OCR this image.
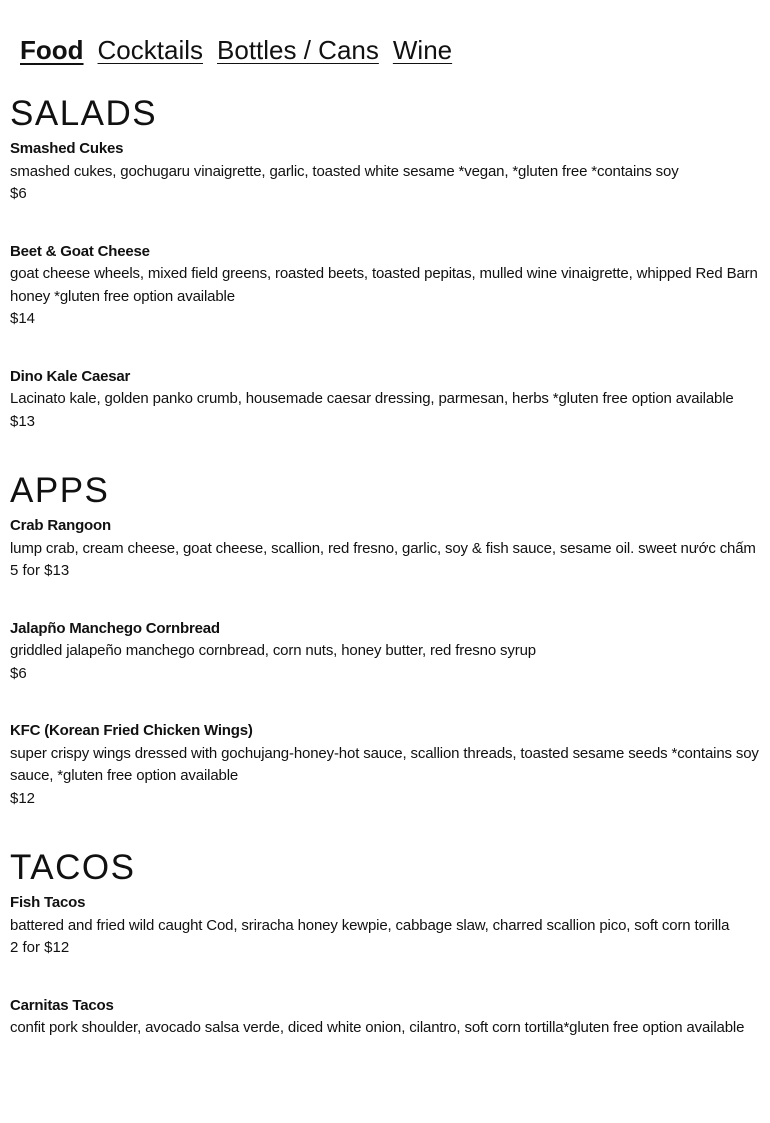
Food Cocktails Bottles / Cans Wine
SALADS
Smashed Cukes
smashed cukes, gochugaru vinaigrette, garlic, toasted white sesame *vegan, *gluten free *contains soy
$6
Beet & Goat Cheese
goat cheese wheels, mixed field greens, roasted beets, toasted pepitas, mulled wine vinaigrette, whipped Red Barn honey *gluten free option available
$14
Dino Kale Caesar
Lacinato kale, golden panko crumb, housemade caesar dressing, parmesan, herbs *gluten free option available
$13
APPS
Crab Rangoon
lump crab, cream cheese, goat cheese, scallion, red fresno, garlic, soy & fish sauce, sesame oil. sweet nước chấm
5 for $13
Jalapño Manchego Cornbread
griddled jalapeño manchego cornbread, corn nuts, honey butter, red fresno syrup
$6
KFC (Korean Fried Chicken Wings)
super crispy wings dressed with gochujang-honey-hot sauce, scallion threads, toasted sesame seeds *contains soy sauce, *gluten free option available
$12
TACOS
Fish Tacos
battered and fried wild caught Cod, sriracha honey kewpie, cabbage slaw, charred scallion pico, soft corn torilla
2 for $12
Carnitas Tacos
confit pork shoulder, avocado salsa verde, diced white onion, cilantro, soft corn tortilla*gluten free option available
